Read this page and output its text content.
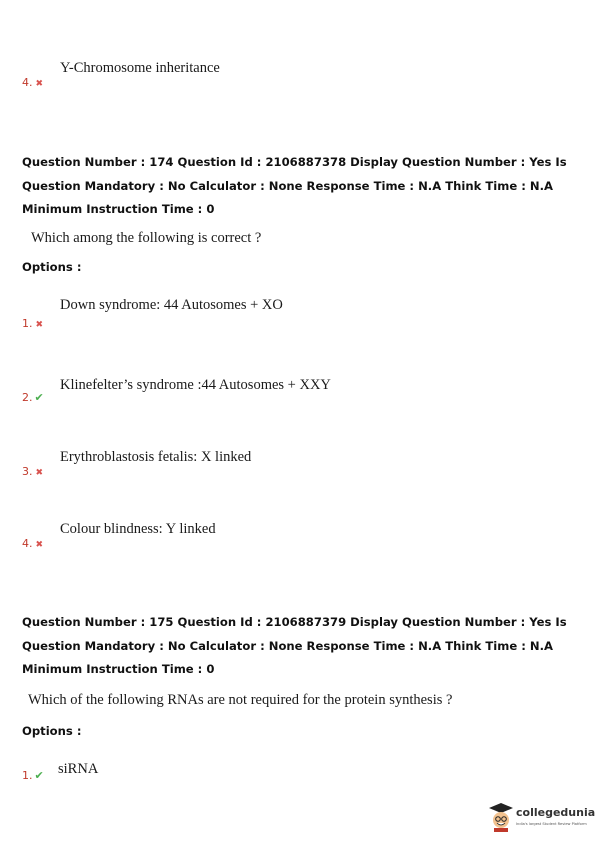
Y-Chromosome inheritance
4. ✖
Question Number : 174 Question Id : 2106887378 Display Question Number : Yes Is Question Mandatory : No Calculator : None Response Time : N.A Think Time : N.A Minimum Instruction Time : 0
Which among the following is correct ?
Options :
Down syndrome: 44 Autosomes + XO
1. ✖
Klinefelter’s syndrome :44 Autosomes + XXY
2. ✔
Erythroblastosis fetalis: X linked
3. ✖
Colour blindness: Y linked
4. ✖
Question Number : 175 Question Id : 2106887379 Display Question Number : Yes Is Question Mandatory : No Calculator : None Response Time : N.A Think Time : N.A Minimum Instruction Time : 0
Which of the following RNAs are not required for the protein synthesis ?
Options :
siRNA
1. ✔
collegedunia
India's largest Student Review Platform
